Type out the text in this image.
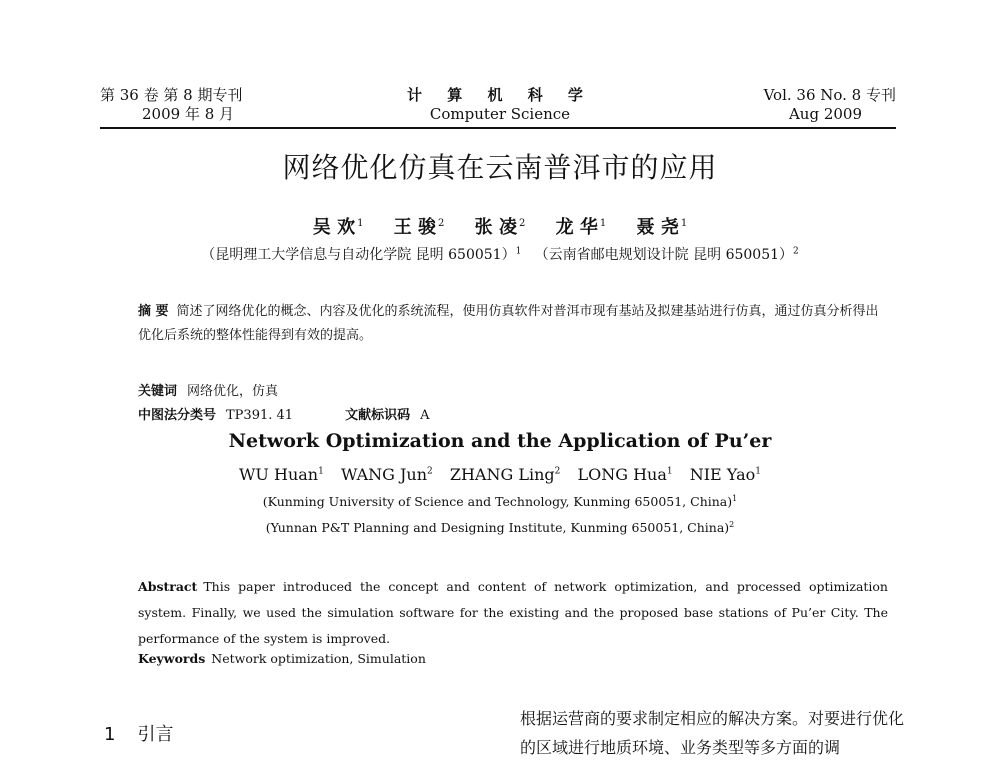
第 36 卷 第 8 期专刊
2009 年 8 月
计 算 机 科 学
Computer Science
Vol. 36 No. 8 专刊
Aug 2009
网络优化仿真在云南普洱市的应用
吴 欢 $^1$ 王 骏 $^2$ 张 凌 $^2$ 龙 华 $^1$ 聂 尧 $^1$
（昆明理工大学信息与自动化学院 昆明 650051）$^1$ （云南省邮电规划设计院 昆明 650051）$^2$
摘 要 简述了网络优化的概念、内容及优化的系统流程，使用仿真软件对普洱市现有基站及拟建基站进行仿真，通过仿真分析得出优化后系统的整体性能得到有效的提高。
关键词 网络优化，仿真
中图法分类号 TP391. 41	文献标识码 A
Network Optimization and the Application of Pu’er
WU Huan$^1$ WANG Jun$^2$ ZHANG Ling$^2$ LONG Hua$^1$ NIE Yao$^1$
(Kunming University of Science and Technology, Kunming 650051, China)$^1$
(Yunnan P&T Planning and Designing Institute, Kunming 650051, China)$^2$
Abstract This paper introduced the concept and content of network optimization, and processed optimization system. Finally, we used the simulation software for the existing and the proposed base stations of Pu’er City. The performance of the system is improved.
Keywords Network optimization, Simulation
1 引言
根据运营商的要求制定相应的解决方案。对要进行优化的区域进行地质环境、业务类型等多方面的调
